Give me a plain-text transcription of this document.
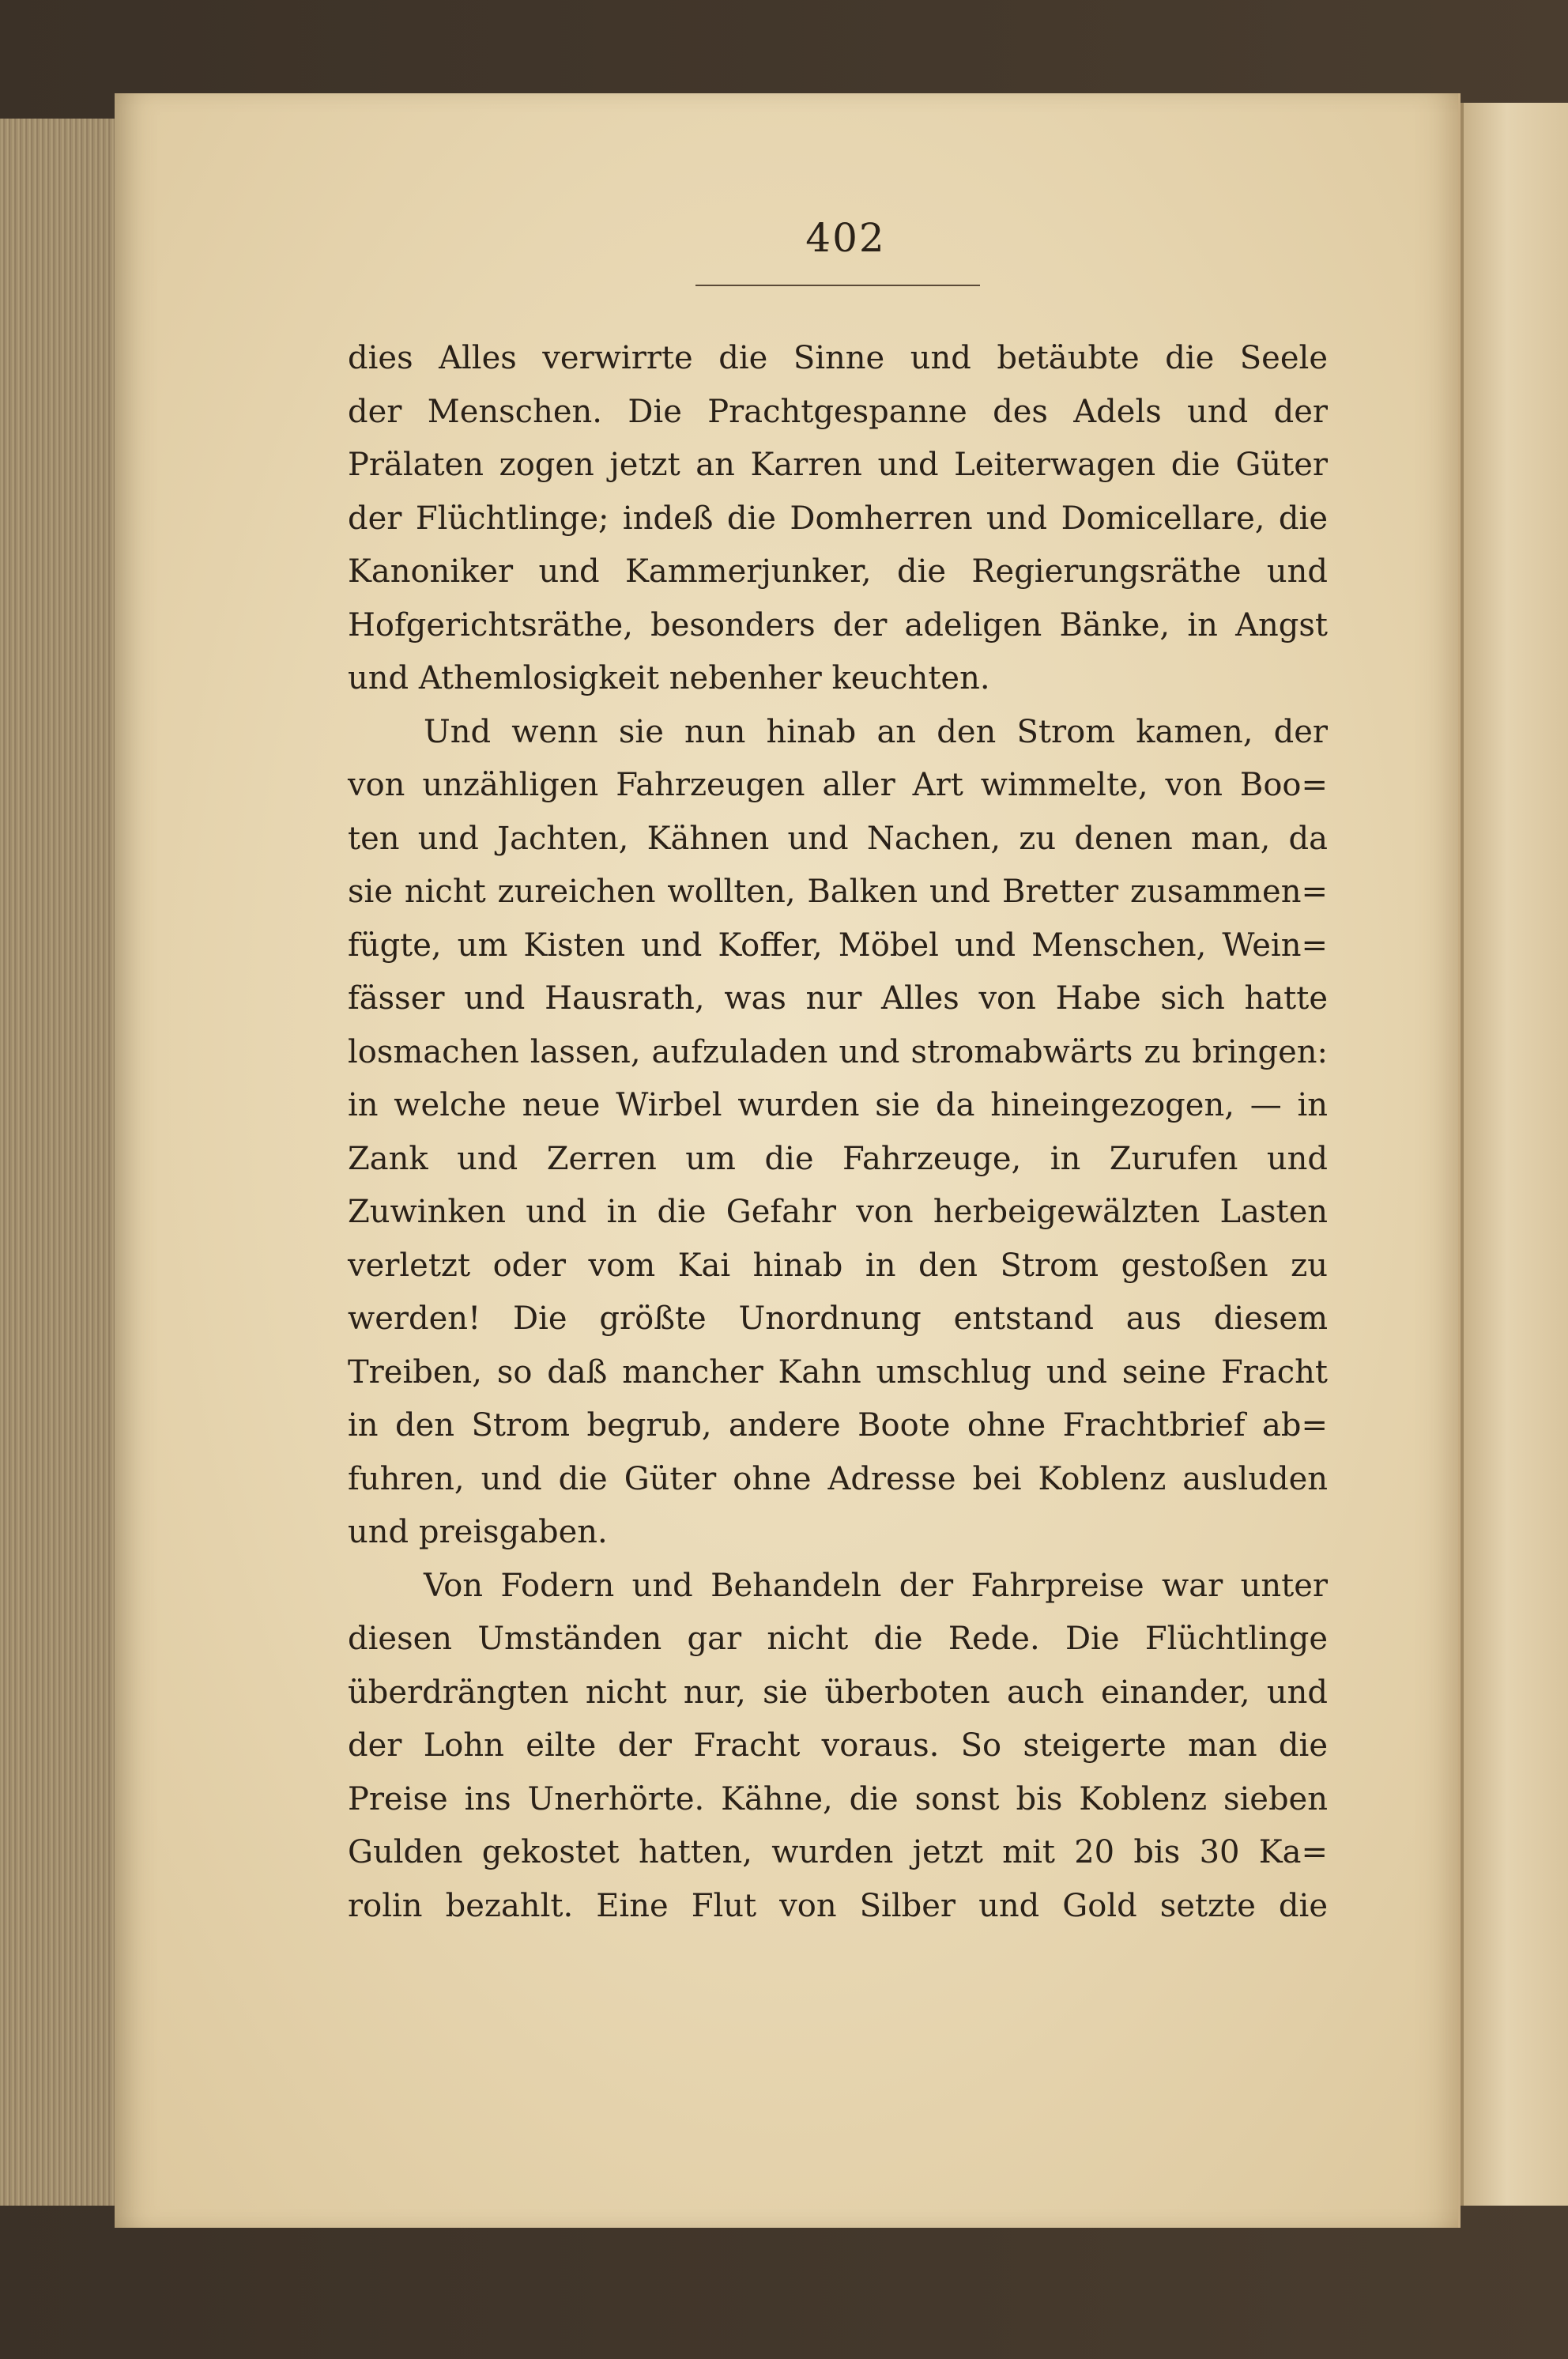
402
dies Alles verwirrte die Sinne und betäubte die Seele
der Menschen. Die Prachtgespanne des Adels und der
Prälaten zogen jetzt an Karren und Leiterwagen die Güter
der Flüchtlinge; indeß die Domherren und Domicellare, die
Kanoniker und Kammerjunker, die Regierungsräthe und
Hofgerichtsräthe, besonders der adeligen Bänke, in Angst
und Athemlosigkeit nebenher keuchten.
Und wenn sie nun hinab an den Strom kamen, der
von unzähligen Fahrzeugen aller Art wimmelte, von Boo=
ten und Jachten, Kähnen und Nachen, zu denen man, da
sie nicht zureichen wollten, Balken und Bretter zusammen=
fügte, um Kisten und Koffer, Möbel und Menschen, Wein=
fässer und Hausrath, was nur Alles von Habe sich hatte
losmachen lassen, aufzuladen und stromabwärts zu bringen:
in welche neue Wirbel wurden sie da hineingezogen, — in
Zank und Zerren um die Fahrzeuge, in Zurufen und
Zuwinken und in die Gefahr von herbeigewälzten Lasten
verletzt oder vom Kai hinab in den Strom gestoßen zu
werden! Die größte Unordnung entstand aus diesem
Treiben, so daß mancher Kahn umschlug und seine Fracht
in den Strom begrub, andere Boote ohne Frachtbrief ab=
fuhren, und die Güter ohne Adresse bei Koblenz ausluden
und preisgaben.
Von Fodern und Behandeln der Fahrpreise war unter
diesen Umständen gar nicht die Rede. Die Flüchtlinge
überdrängten nicht nur, sie überboten auch einander, und
der Lohn eilte der Fracht voraus. So steigerte man die
Preise ins Unerhörte. Kähne, die sonst bis Koblenz sieben
Gulden gekostet hatten, wurden jetzt mit 20 bis 30 Ka=
rolin bezahlt. Eine Flut von Silber und Gold setzte die
